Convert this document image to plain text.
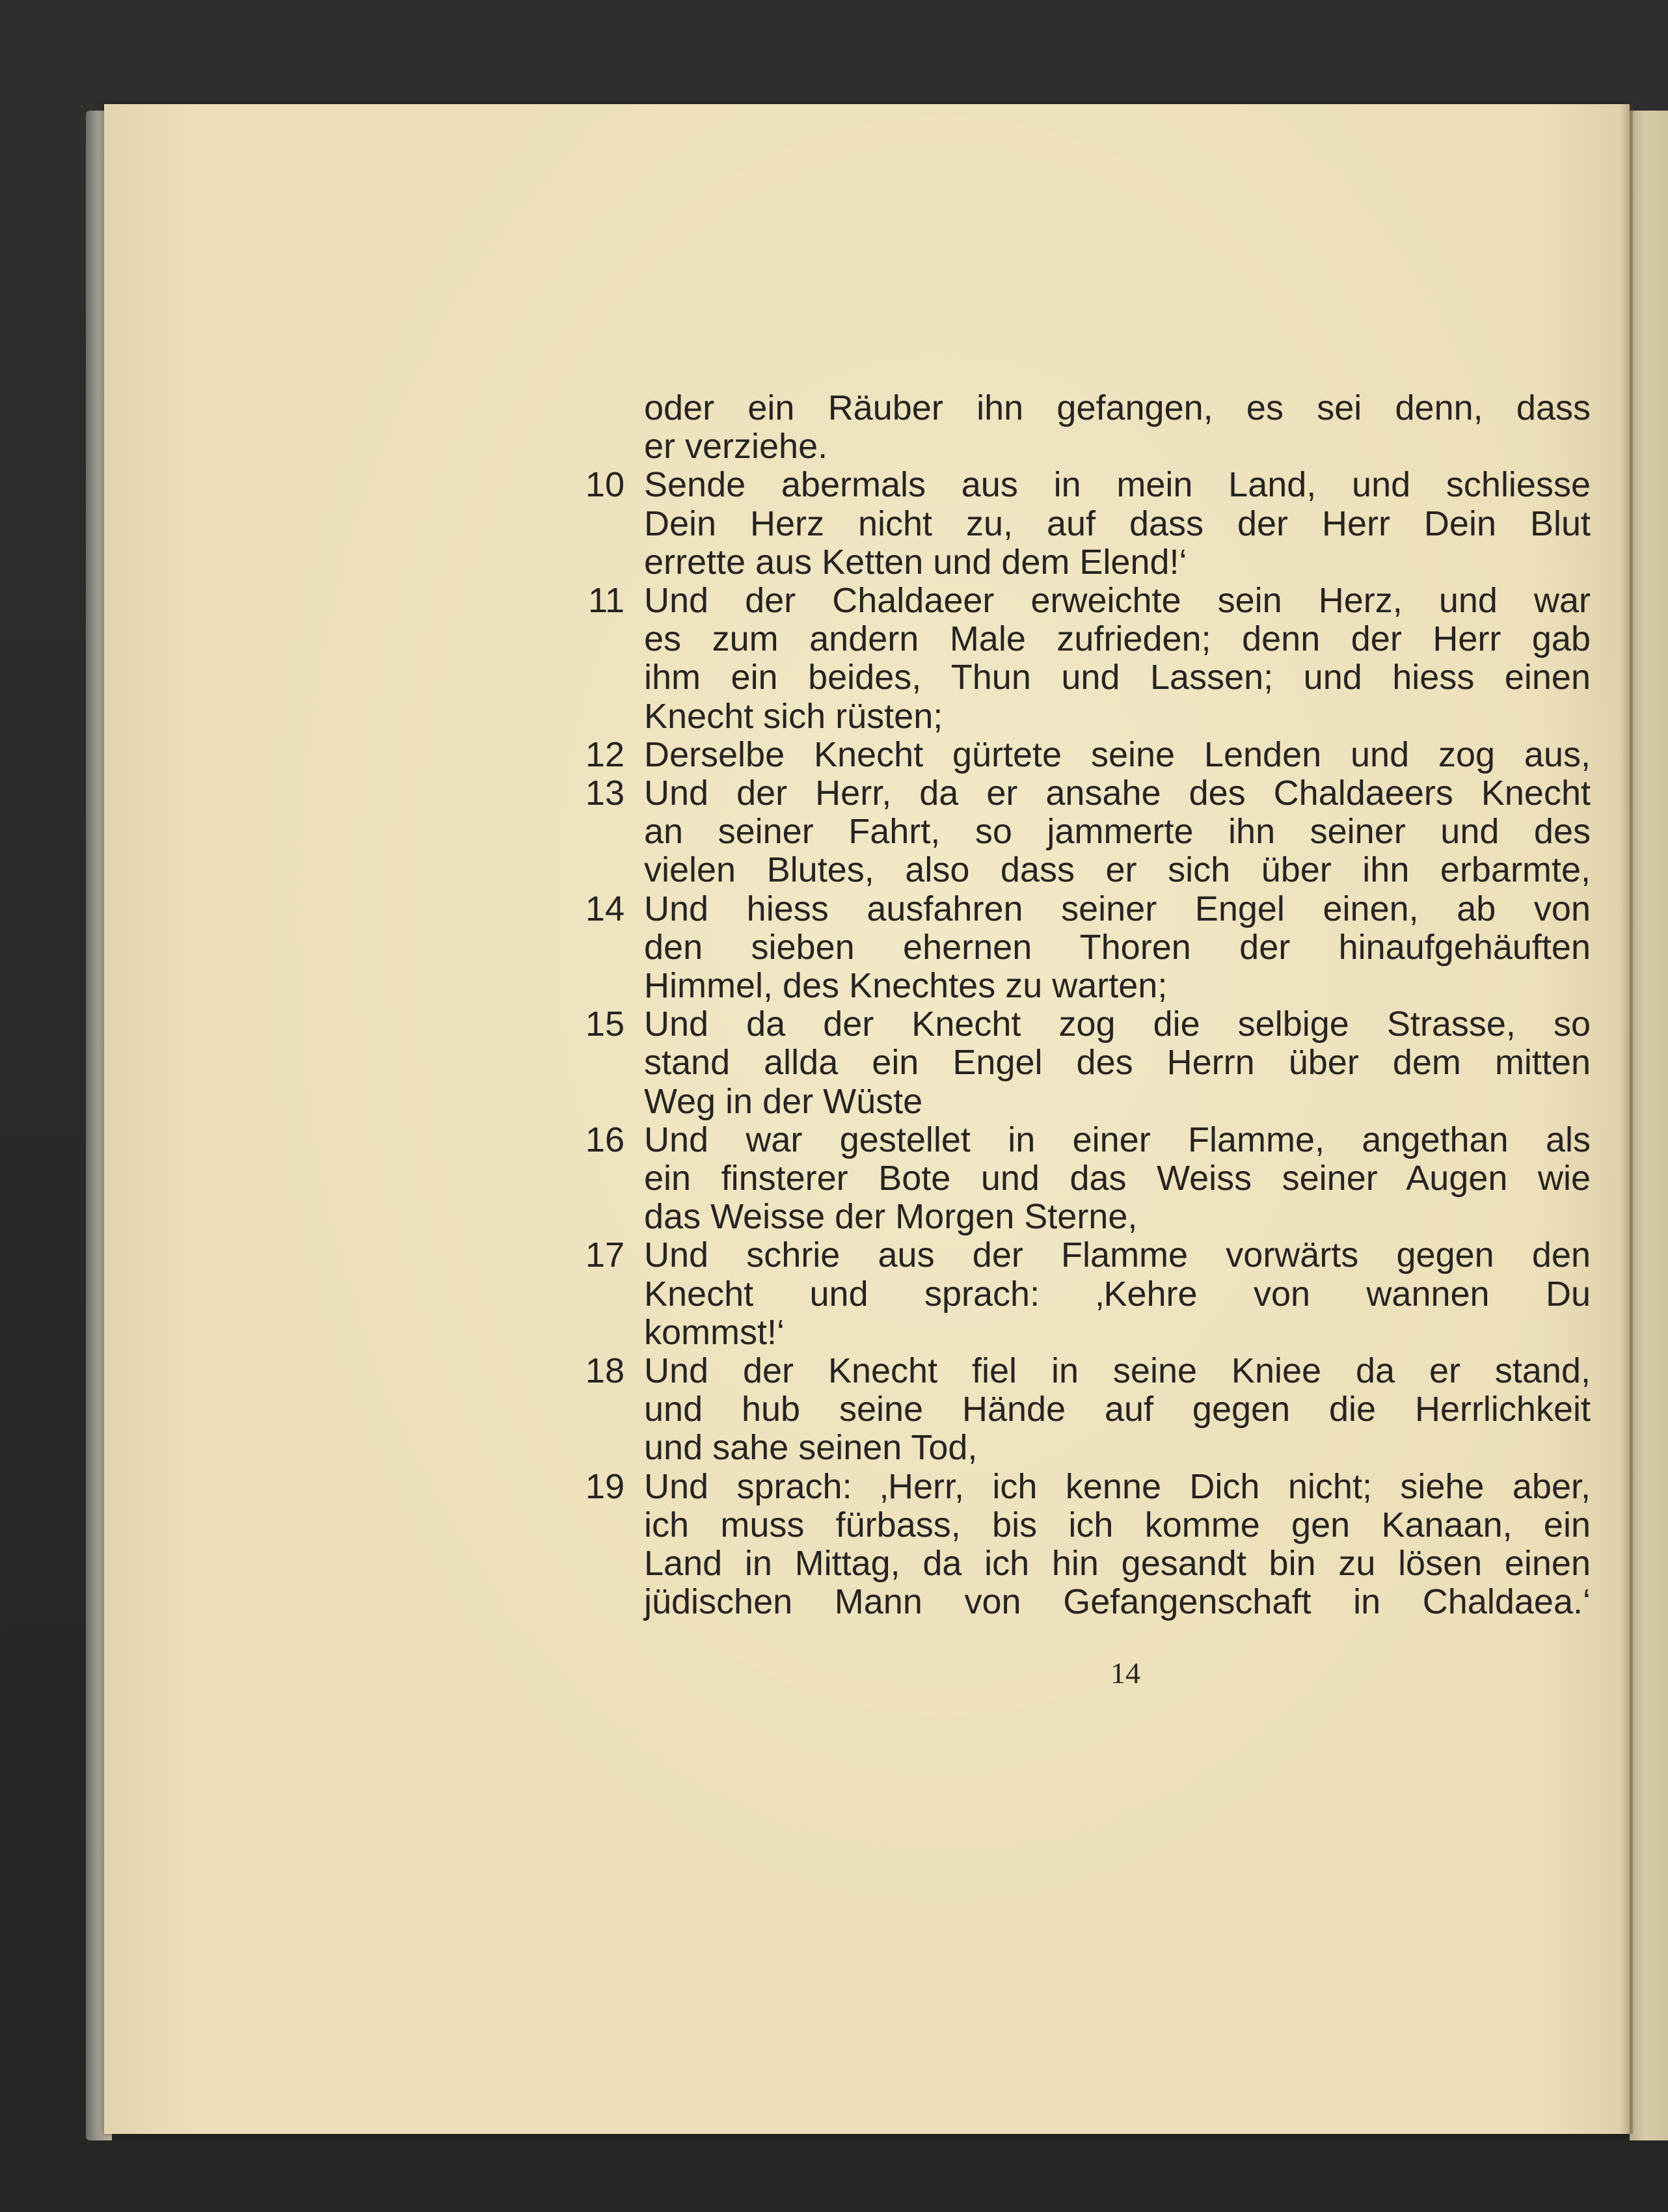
oder ein Räuber ihn gefangen, es sei denn, dass
er verziehe.

10 Sende abermals aus in mein Land, und schliesse
Dein Herz nicht zu, auf dass der Herr Dein Blut
errette aus Ketten und dem Elend!‘

11 Und der Chaldaeer erweichte sein Herz, und war
es zum andern Male zufrieden; denn der Herr gab
ihm ein beides, Thun und Lassen; und hiess einen
Knecht sich rüsten;

12 Derselbe Knecht gürtete seine Lenden und zog aus,

13 Und der Herr, da er ansahe des Chaldaeers Knecht
an seiner Fahrt, so jammerte ihn seiner und des
vielen Blutes, also dass er sich über ihn erbarmte,

14 Und hiess ausfahren seiner Engel einen, ab von
den sieben ehernen Thoren der hinaufgehäuften
Himmel, des Knechtes zu warten;

15 Und da der Knecht zog die selbige Strasse, so
stand allda ein Engel des Herrn über dem mitten
Weg in der Wüste

16 Und war gestellet in einer Flamme, angethan als
ein finsterer Bote und das Weiss seiner Augen wie
das Weisse der Morgen Sterne,

17 Und schrie aus der Flamme vorwärts gegen den
Knecht und sprach: ‚Kehre von wannen Du
kommst!‘

18 Und der Knecht fiel in seine Kniee da er stand,
und hub seine Hände auf gegen die Herrlichkeit
und sahe seinen Tod,

19 Und sprach: ‚Herr, ich kenne Dich nicht; siehe aber,
ich muss fürbass, bis ich komme gen Kanaan, ein
Land in Mittag, da ich hin gesandt bin zu lösen einen
jüdischen Mann von Gefangenschaft in Chaldaea.‘

14
